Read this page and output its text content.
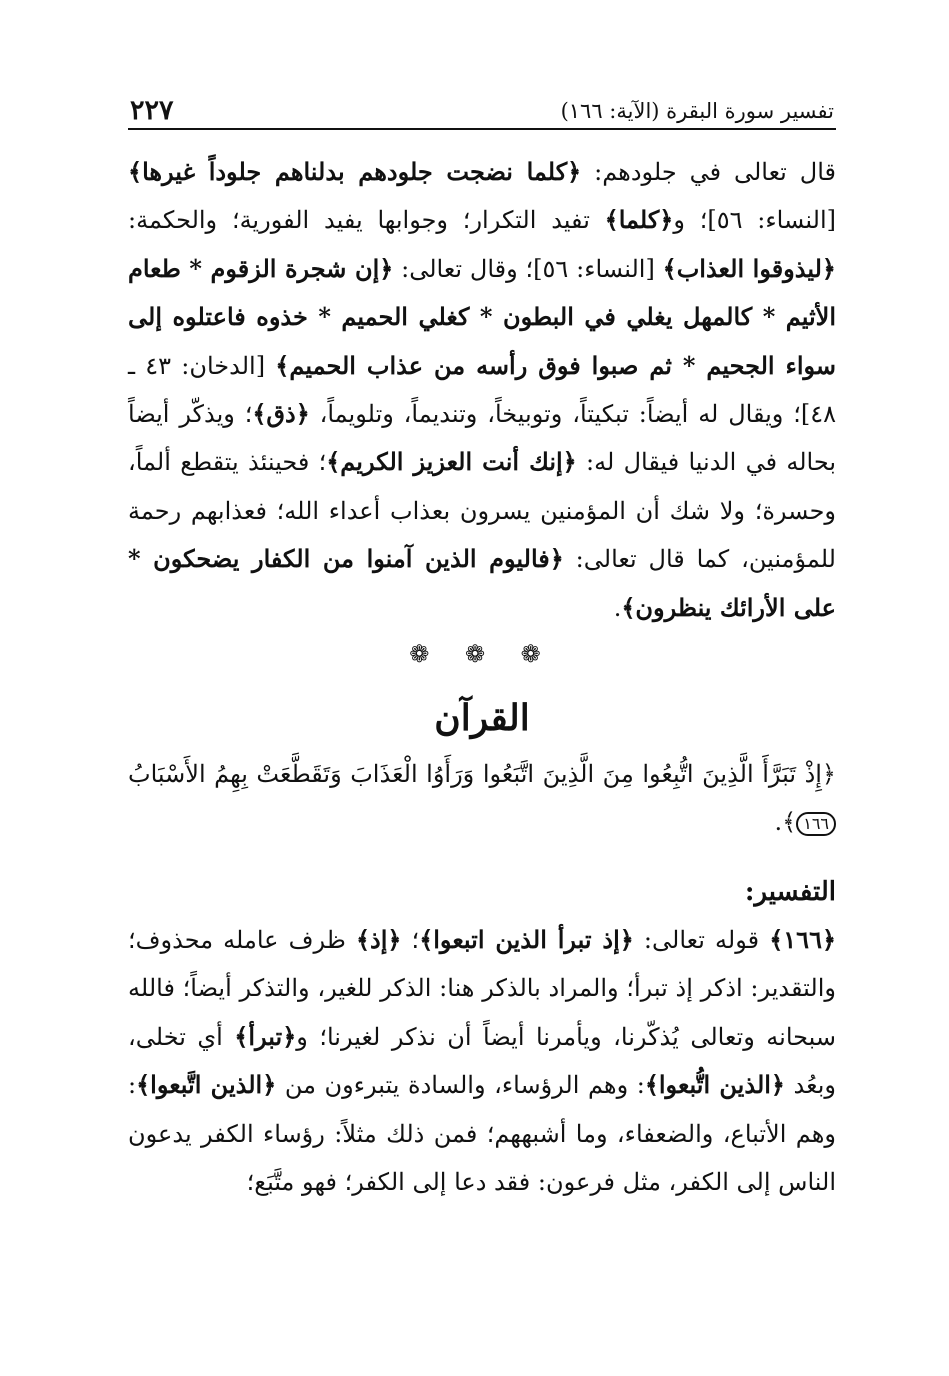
تفسير سورة البقرة (الآية: ١٦٦)
٢٢٧
قال تعالى في جلودهم: ﴿كلما نضجت جلودهم بدلناهم جلوداً غيرها﴾ [النساء: ٥٦]؛ و﴿كلما﴾ تفيد التكرار؛ وجوابها يفيد الفورية؛ والحكمة: ﴿ليذوقوا العذاب﴾ [النساء: ٥٦]؛ وقال تعالى: ﴿إن شجرة الزقوم * طعام الأثيم * كالمهل يغلي في البطون * كغلي الحميم * خذوه فاعتلوه إلى سواء الجحيم * ثم صبوا فوق رأسه من عذاب الحميم﴾ [الدخان: ٤٣ ـ ٤٨]؛ ويقال له أيضاً: تبكيتاً، وتوبيخاً، وتنديماً، وتلويماً، ﴿ذق﴾؛ ويذكّر أيضاً بحاله في الدنيا فيقال له: ﴿إنك أنت العزيز الكريم﴾؛ فحينئذ يتقطع ألماً، وحسرة؛ ولا شك أن المؤمنين يسرون بعذاب أعداء الله؛ فعذابهم رحمة للمؤمنين، كما قال تعالى: ﴿فاليوم الذين آمنوا من الكفار يضحكون * على الأرائك ينظرون﴾.
❁ ❁ ❁
القرآن
﴿إِذْ تَبَرَّأَ الَّذِينَ اتُّبِعُوا مِنَ الَّذِينَ اتَّبَعُوا وَرَأَوُا الْعَذَابَ وَتَقَطَّعَتْ بِهِمُ الأَسْبَابُ ١٦٦﴾.
التفسير:
﴿١٦٦﴾ قوله تعالى: ﴿إذ تبرأ الذين اتبعوا﴾؛ ﴿إذ﴾ ظرف عامله محذوف؛ والتقدير: اذكر إذ تبرأ؛ والمراد بالذكر هنا: الذكر للغير، والتذكر أيضاً؛ فالله سبحانه وتعالى يُذكّرنا، ويأمرنا أيضاً أن نذكر لغيرنا؛ و﴿تبرأ﴾ أي تخلى، وبعُد ﴿الذين اتُّبعوا﴾: وهم الرؤساء، والسادة يتبرءون من ﴿الذين اتَّبعوا﴾: وهم الأتباع، والضعفاء، وما أشبههم؛ فمن ذلك مثلاً: رؤساء الكفر يدعون الناس إلى الكفر، مثل فرعون: فقد دعا إلى الكفر؛ فهو متَّبَع؛
